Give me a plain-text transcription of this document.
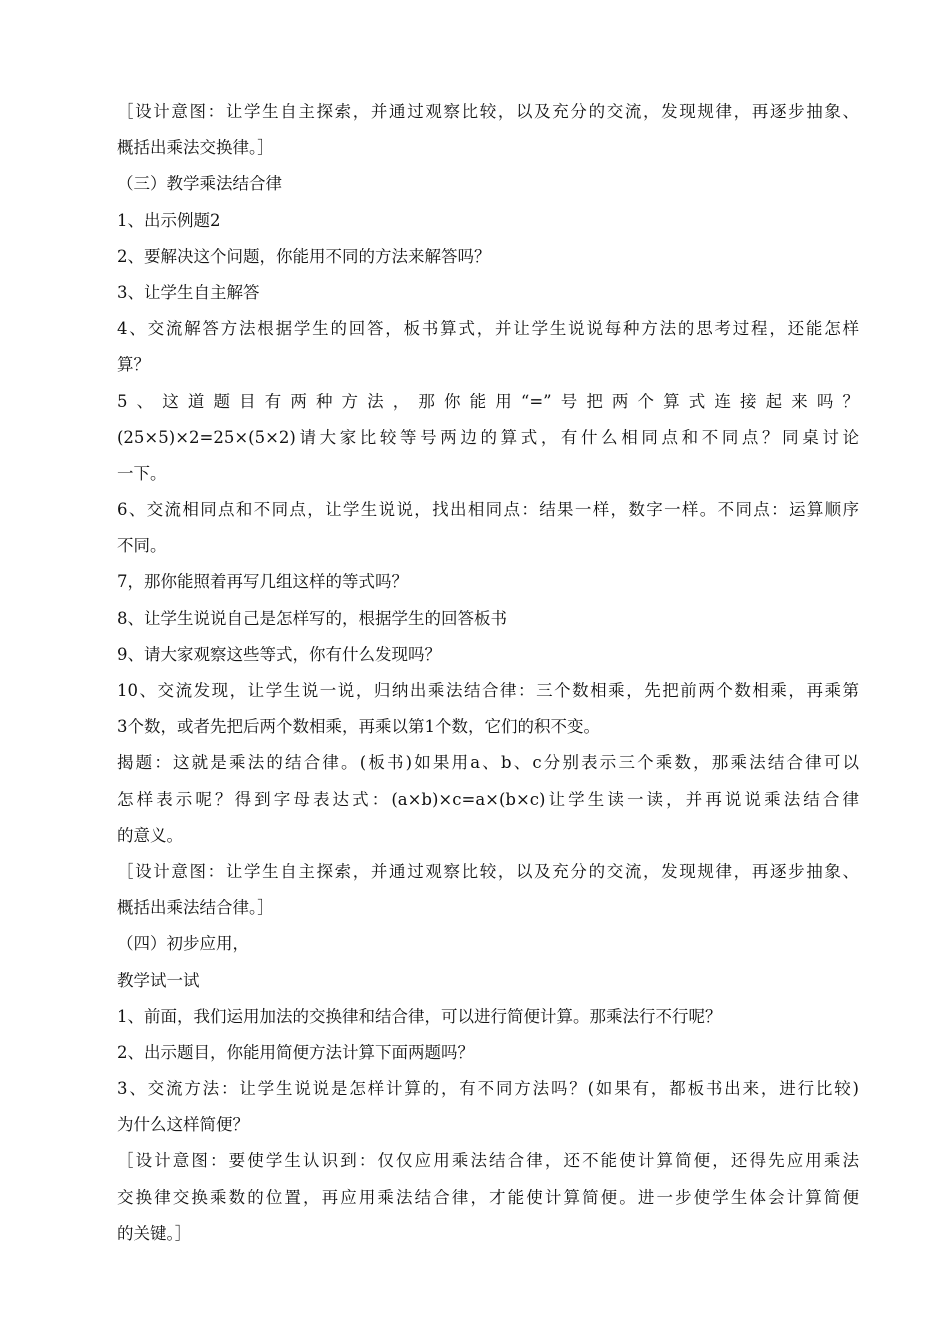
［设计意图：让学生自主探索，并通过观察比较，以及充分的交流，发现规律，再逐步抽象、
概括出乘法交换律。］
（三）教学乘法结合律
1、出示例题2
2、要解决这个问题，你能用不同的方法来解答吗？
3、让学生自主解答
4、交流解答方法根据学生的回答，板书算式，并让学生说说每种方法的思考过程，还能怎样
算？
5、这道题目有两种方法，那你能用“=”号把两个算式连接起来吗？
(25×5)×2=25×(5×2)请大家比较等号两边的算式，有什么相同点和不同点？同桌讨论
一下。
6、交流相同点和不同点，让学生说说，找出相同点：结果一样，数字一样。不同点：运算顺序
不同。
7，那你能照着再写几组这样的等式吗？
8、让学生说说自己是怎样写的，根据学生的回答板书
9、请大家观察这些等式，你有什么发现吗？
10、交流发现，让学生说一说，归纳出乘法结合律：三个数相乘，先把前两个数相乘，再乘第
3个数，或者先把后两个数相乘，再乘以第1个数，它们的积不变。
揭题：这就是乘法的结合律。(板书)如果用a、b、c分别表示三个乘数，那乘法结合律可以
怎样表示呢？得到字母表达式：(a×b)×c=a×(b×c)让学生读一读，并再说说乘法结合律
的意义。
［设计意图：让学生自主探索，并通过观察比较，以及充分的交流，发现规律，再逐步抽象、
概括出乘法结合律。］
（四）初步应用，
教学试一试
1、前面，我们运用加法的交换律和结合律，可以进行简便计算。那乘法行不行呢？
2、出示题目，你能用简便方法计算下面两题吗？
3、交流方法：让学生说说是怎样计算的，有不同方法吗？(如果有，都板书出来，进行比较)
为什么这样简便？
［设计意图：要使学生认识到：仅仅应用乘法结合律，还不能使计算简便，还得先应用乘法
交换律交换乘数的位置，再应用乘法结合律，才能使计算简便。进一步使学生体会计算简便
的关键。］
